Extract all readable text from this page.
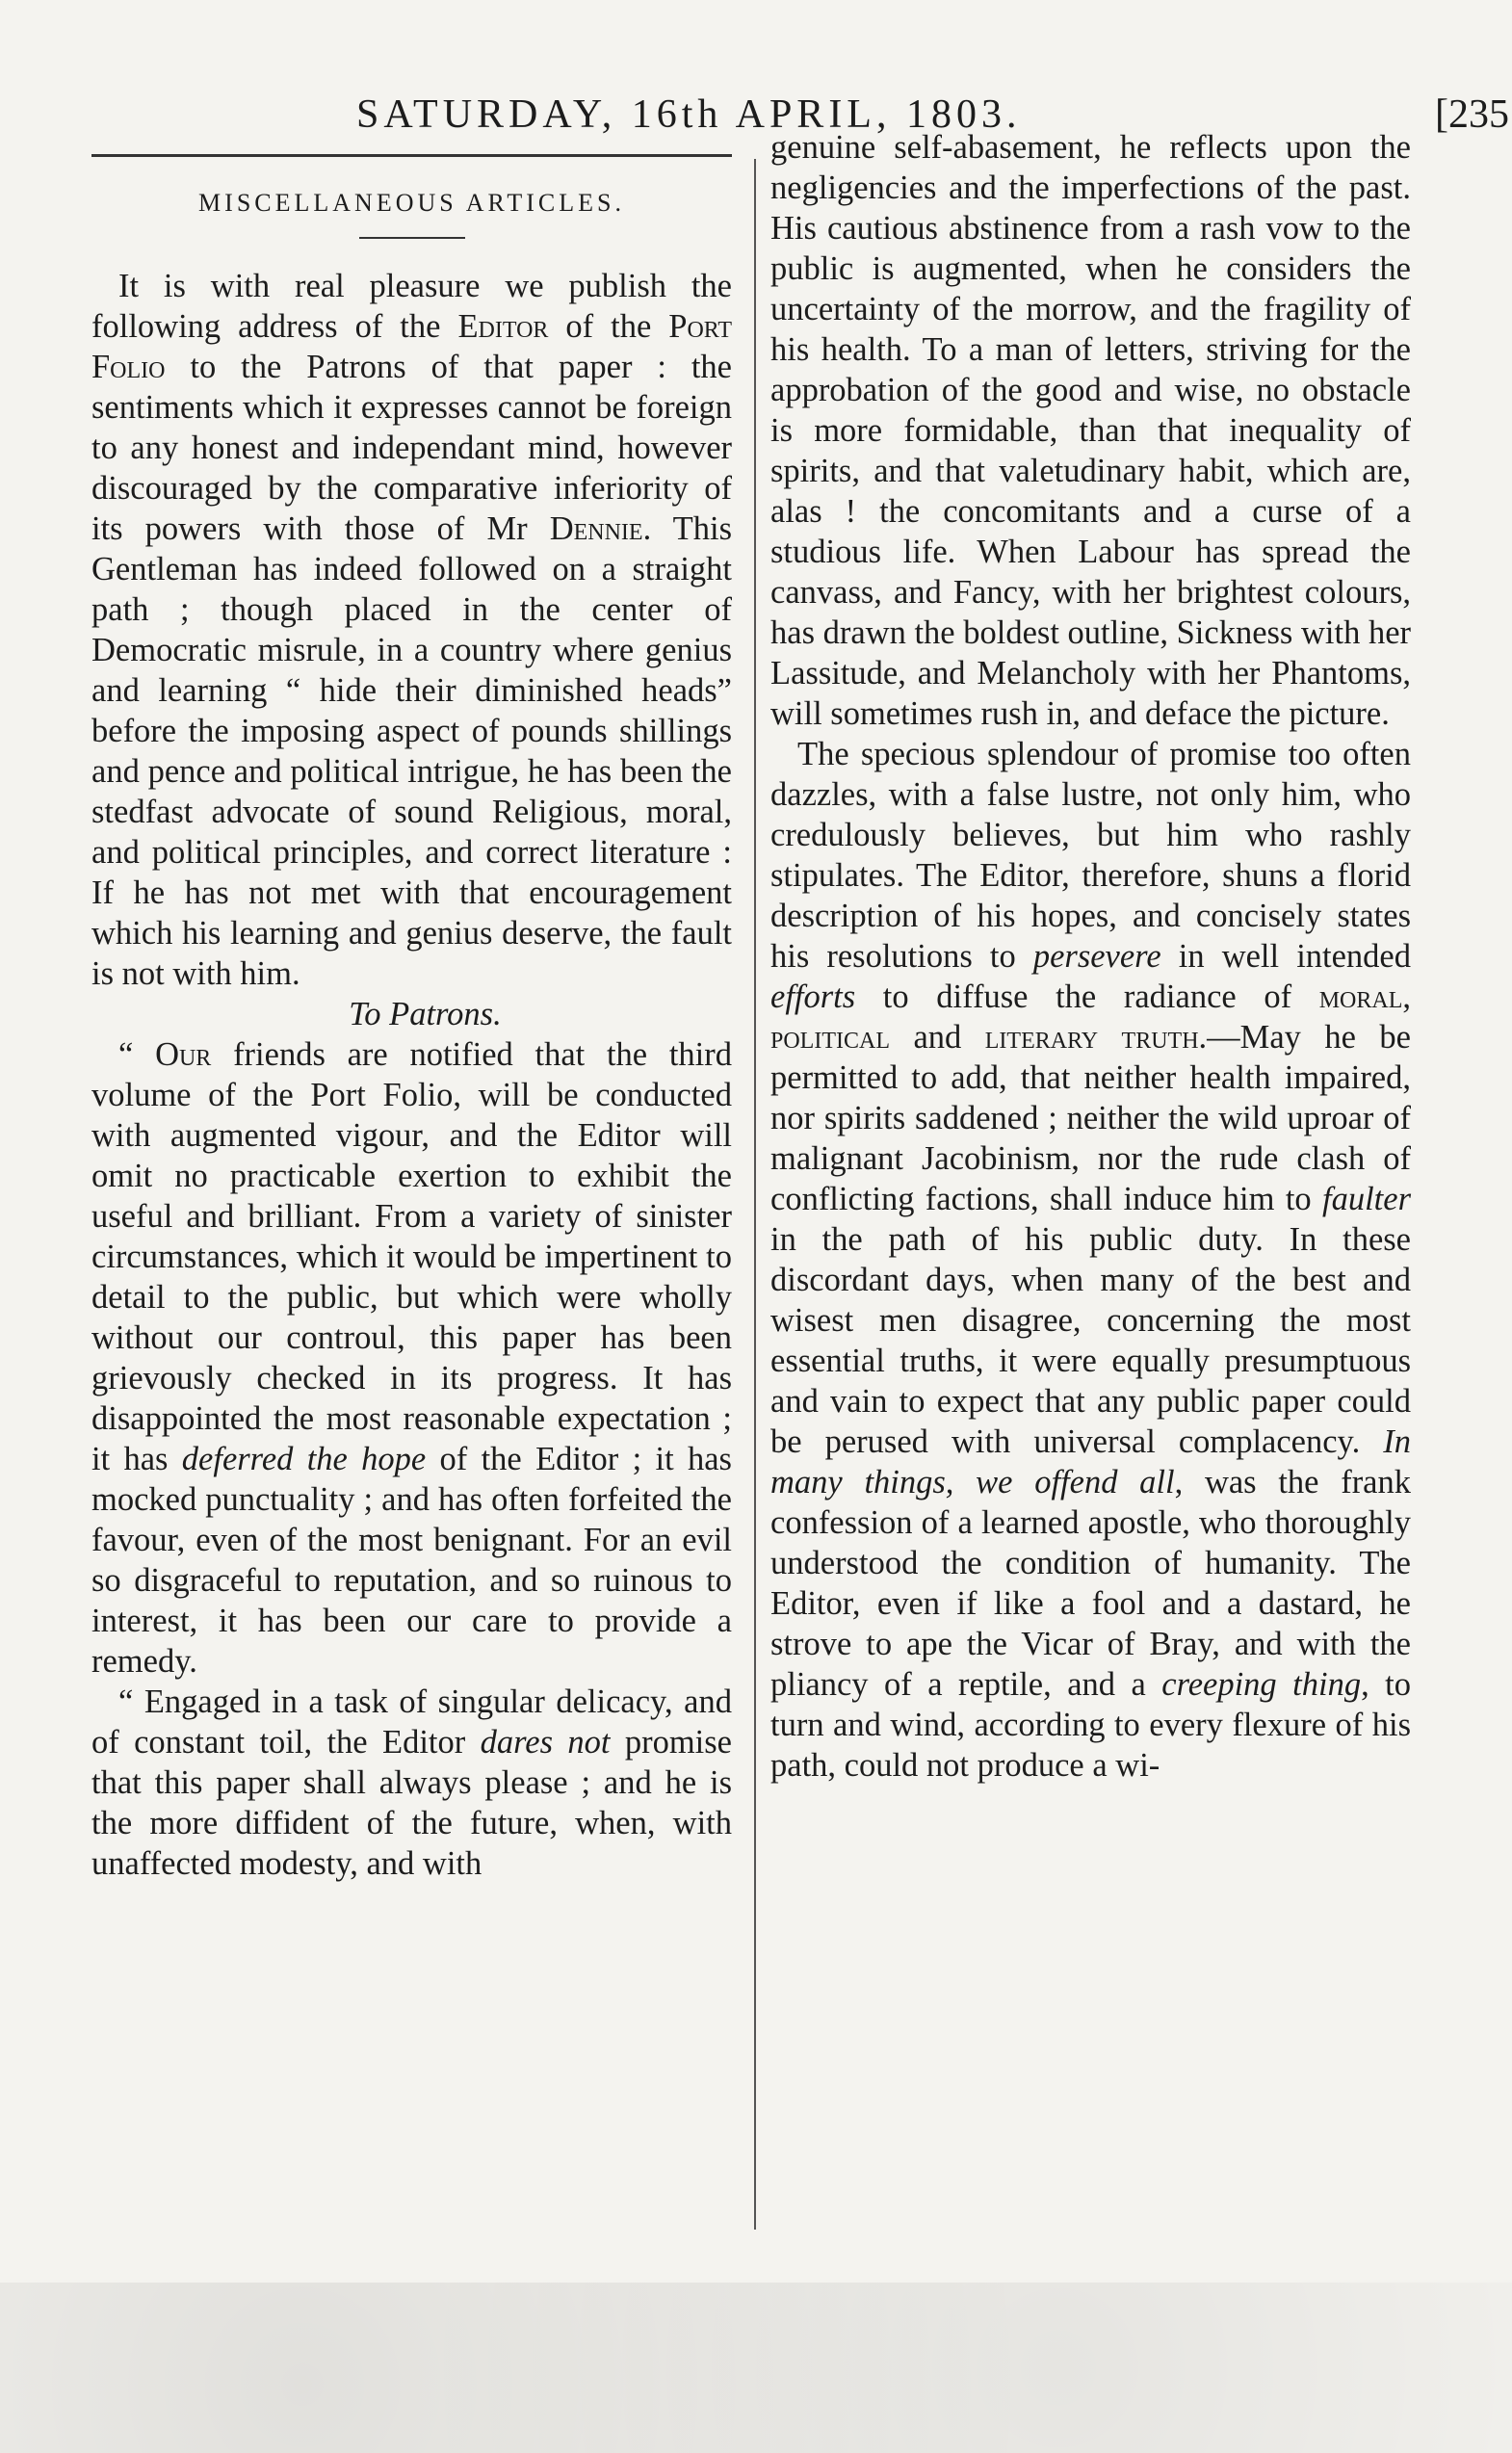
SATURDAY, 16th APRIL, 1803.	[235
MISCELLANEOUS ARTICLES.

It is with real pleasure we publish the following address of the Editor of the Port Folio to the Patrons of that paper : the sentiments which it expresses cannot be foreign to any honest and independant mind, however discouraged by the comparative inferiority of its powers with those of Mr Dennie. This Gentleman has indeed followed on a straight path ; though placed in the center of Democratic misrule, in a country where genius and learning “ hide their diminished heads” before the imposing aspect of pounds shillings and pence and political intrigue, he has been the stedfast advocate of sound Religious, moral, and political principles, and correct literature : If he has not met with that encouragement which his learning and genius deserve, the fault is not with him.

To Patrons.

“ Our friends are notified that the third volume of the Port Folio, will be conducted with augmented vigour, and the Editor will omit no practicable exertion to exhibit the useful and brilliant. From a variety of sinister circumstances, which it would be impertinent to detail to the public, but which were wholly without our controul, this paper has been grievously checked in its progress. It has disappointed the most reasonable expectation ; it has deferred the hope of the Editor ; it has mocked punctuality ; and has often forfeited the favour, even of the most benignant. For an evil so disgraceful to reputation, and so ruinous to interest, it has been our care to provide a remedy.

“ Engaged in a task of singular delicacy, and of constant toil, the Editor dares not promise that this paper shall always please ; and he is the more diffident of the future, when, with unaffected modesty, and with

genuine self-abasement, he reflects upon the negligencies and the imperfections of the past. His cautious abstinence from a rash vow to the public is augmented, when he considers the uncertainty of the morrow, and the fragility of his health. To a man of letters, striving for the approbation of the good and wise, no obstacle is more formidable, than that inequality of spirits, and that valetudinary habit, which are, alas ! the concomitants and a curse of a studious life. When Labour has spread the canvass, and Fancy, with her brightest colours, has drawn the boldest outline, Sickness with her Lassitude, and Melancholy with her Phantoms, will sometimes rush in, and deface the picture.

The specious splendour of promise too often dazzles, with a false lustre, not only him, who credulously believes, but him who rashly stipulates. The Editor, therefore, shuns a florid description of his hopes, and concisely states his resolutions to persevere in well intended efforts to diffuse the radiance of moral, political and literary truth.—May he be permitted to add, that neither health impaired, nor spirits saddened ; neither the wild uproar of malignant Jacobinism, nor the rude clash of conflicting factions, shall induce him to faulter in the path of his public duty. In these discordant days, when many of the best and wisest men disagree, concerning the most essential truths, it were equally presumptuous and vain to expect that any public paper could be perused with universal complacency. In many things, we offend all, was the frank confession of a learned apostle, who thoroughly understood the condition of humanity. The Editor, even if like a fool and a dastard, he strove to ape the Vicar of Bray, and with the pliancy of a reptile, and a creeping thing, to turn and wind, according to every flexure of his path, could not produce a wi-
